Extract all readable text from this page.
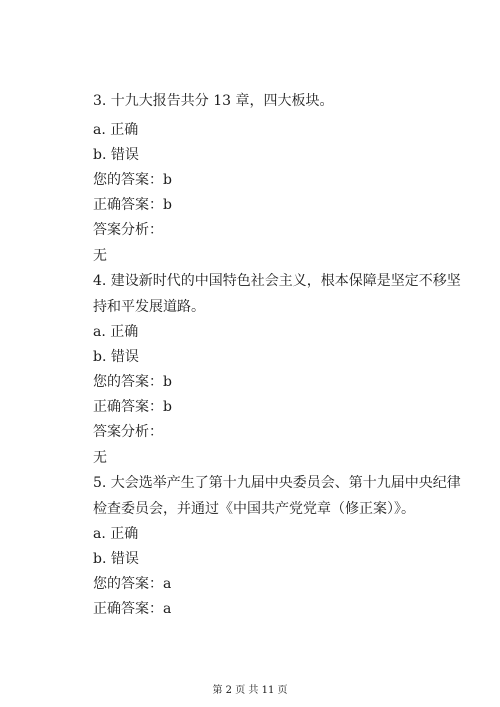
3. 十九大报告共分 13 章，四大板块。
a. 正确
b. 错误
您的答案：b
正确答案：b
答案分析：
无
4. 建设新时代的中国特色社会主义，根本保障是坚定不移坚
持和平发展道路。
a. 正确
b. 错误
您的答案：b
正确答案：b
答案分析：
无
5. 大会选举产生了第十九届中央委员会、第十九届中央纪律
检查委员会，并通过《中国共产党党章（修正案）》。
a. 正确
b. 错误
您的答案：a
正确答案：a
第 2 页 共 11 页
